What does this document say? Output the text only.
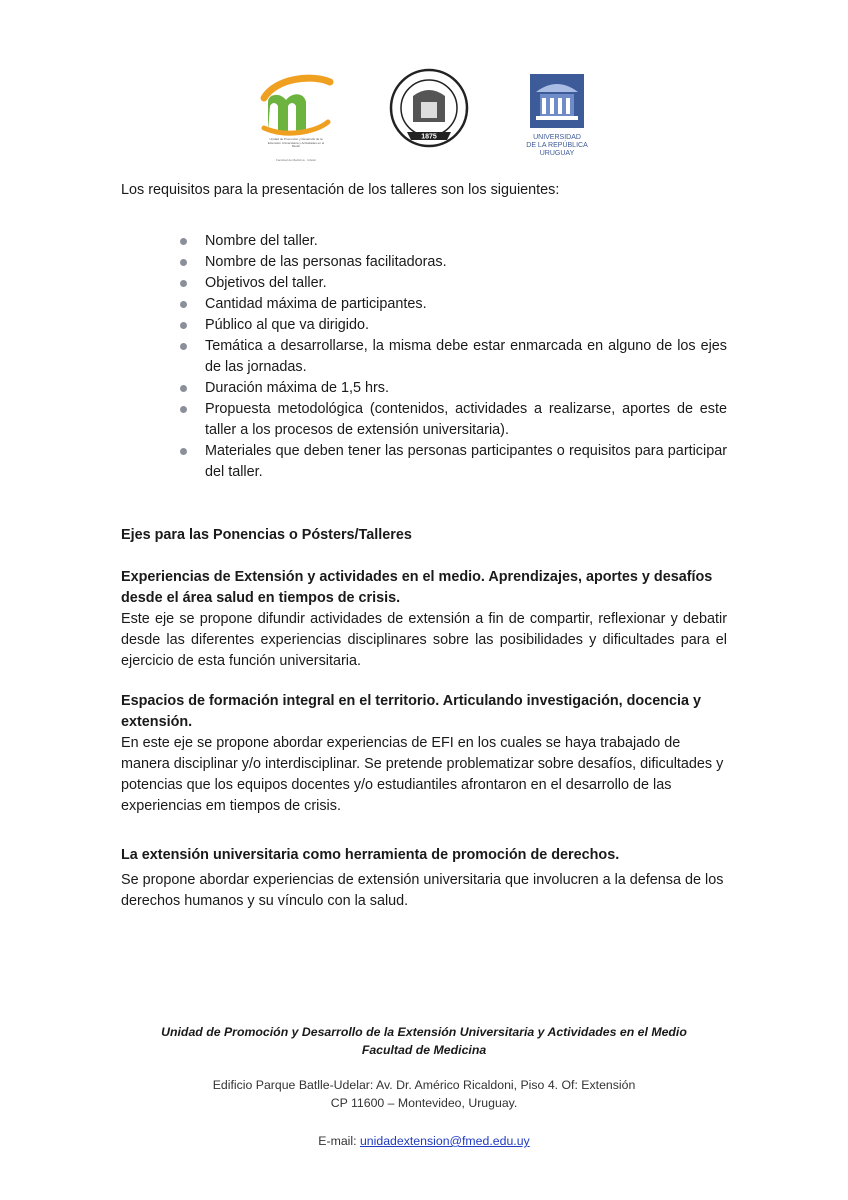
Unidad de Promoción y Desarrollo de la Extensión Universitaria y Actividades en el Medio
Facultad de Medicina · Udelar
1875	UNIVERSIDAD
DE LA REPÚBLICA
URUGUAY
Los requisitos para la presentación de los talleres son los siguientes:
Nombre del taller.
Nombre de las personas facilitadoras.
Objetivos del taller.
Cantidad máxima de participantes.
Público al que va dirigido.
Temática a desarrollarse, la misma debe estar enmarcada en alguno de los ejes de las jornadas.
Duración máxima de 1,5 hrs.
Propuesta metodológica (contenidos, actividades a realizarse, aportes de este taller a los procesos de extensión universitaria).
Materiales que deben tener las personas participantes o requisitos para participar del taller.
Ejes para las Ponencias o Pósters/Talleres
Experiencias de Extensión y actividades en el medio. Aprendizajes, aportes y desafíos desde el área salud en tiempos de crisis.
Este eje se propone difundir actividades de extensión a fin de compartir, reflexionar y debatir desde las diferentes experiencias disciplinares sobre las posibilidades y dificultades para el ejercicio de esta función universitaria.
Espacios de formación integral en el territorio. Articulando investigación, docencia y extensión.
En este eje se propone abordar experiencias de EFI en los cuales se haya trabajado de manera disciplinar y/o interdisciplinar. Se pretende problematizar sobre desafíos, dificultades y potencias que los equipos docentes y/o estudiantiles afrontaron en el desarrollo de las experiencias em tiempos de crisis.
La extensión universitaria como herramienta de promoción de derechos.
Se propone abordar experiencias de extensión universitaria que involucren a la defensa de los derechos humanos y su vínculo con la salud.
Unidad de Promoción y Desarrollo de la Extensión Universitaria y Actividades en el Medio
Facultad de Medicina
Edificio Parque Batlle-Udelar: Av. Dr. Américo Ricaldoni, Piso 4. Of: Extensión
CP 11600 – Montevideo, Uruguay.
E-mail: unidadextension@fmed.edu.uy
